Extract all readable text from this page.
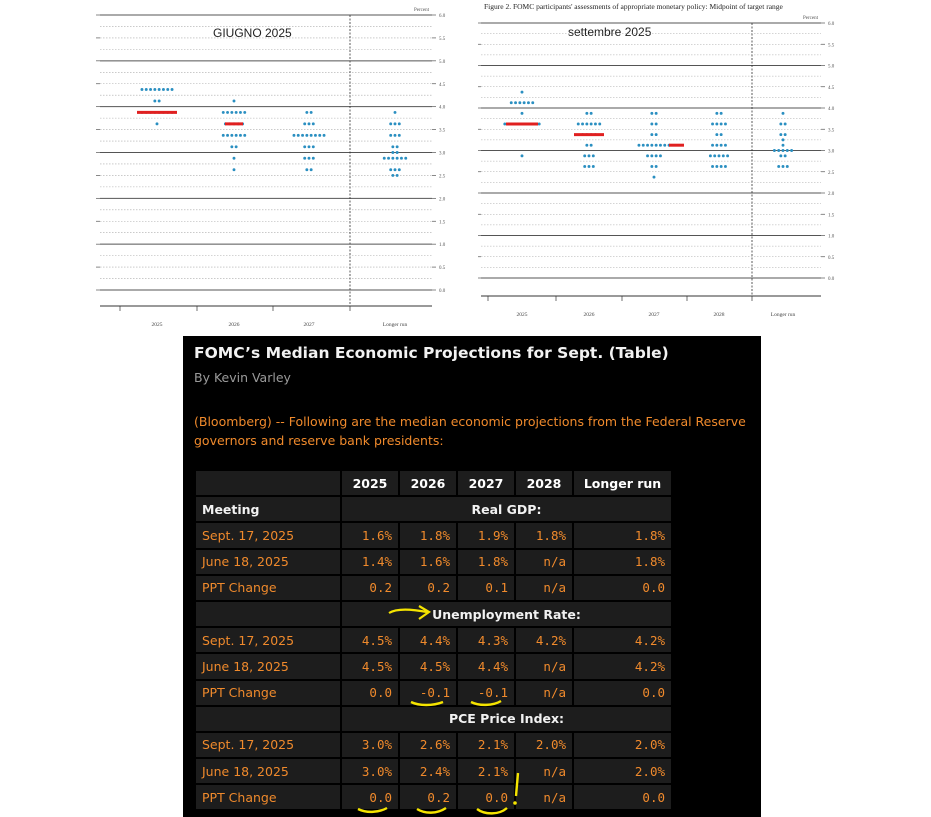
GIUGNO 2025
Percent
0.0
0.5
1.0
1.5
2.0
2.5
3.0
3.5
4.0
4.5
5.0
5.5
6.0
2025	2026	2027	Longer run
settembre 2025
Figure 2. FOMC participants' assessments of appropriate monetary policy: Midpoint of target range
Percent
0.0
0.5
1.0
1.5
2.0
2.5
3.0
3.5
4.0
4.5
5.0
5.5
6.0
2025	2026	2027	2028	Longer run
FOMC’s Median Economic Projections for Sept. (Table)
By Kevin Varley
(Bloomberg) -- Following are the median economic projections from the Federal Reserve governors and reserve bank presidents:
	2025	2026	2027	2028	Longer run
Meeting	Real GDP:				
Sept. 17, 2025	1.6%	1.8%	1.9%	1.8%	1.8%
June 18, 2025	1.4%	1.6%	1.8%	n/a	1.8%
PPT Change	0.2	0.2	0.1	n/a	0.0
	Unemployment Rate:				
Sept. 17, 2025	4.5%	4.4%	4.3%	4.2%	4.2%
June 18, 2025	4.5%	4.5%	4.4%	n/a	4.2%
PPT Change	0.0	-0.1	-0.1	n/a	0.0
	PCE Price Index:				
Sept. 17, 2025	3.0%	2.6%	2.1%	2.0%	2.0%
June 18, 2025	3.0%	2.4%	2.1%	n/a	2.0%
PPT Change	0.0	0.2	0.0	n/a	0.0
